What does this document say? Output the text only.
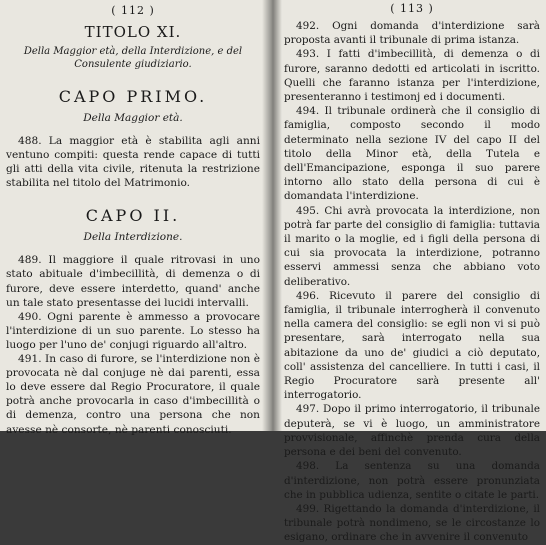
( 112 )
TITOLO XI.
Della Maggior età, della Interdizione, e del Consulente giudiziario.
CAPO PRIMO.
Della Maggior età.

488. La maggior età è stabilita agli anni ventuno compiti: questa rende capace di tutti gli atti della vita civile, ritenuta la restrizione stabilita nel titolo del Matrimonio.

CAPO II.
Della Interdizione.

489. Il maggiore il quale ritrovasi in uno stato abituale d'imbecillità, di demenza o di furore, deve essere interdetto, quand' anche un tale stato presentasse dei lucidi intervalli.

490. Ogni parente è ammesso a provocare l'interdizione di un suo parente. Lo stesso ha luogo per l'uno de' conjugi riguardo all'altro.

491. In caso di furore, se l'interdizione non è provocata nè dal conjuge nè dai parenti, essa lo deve essere dal Regio Procuratore, il quale potrà anche provocarla in caso d'imbecillità o di demenza, contro una persona che non avesse nè consorte, nè parenti conosciuti.

( 113 )

492. Ogni domanda d'interdizione sarà proposta avanti il tribunale di prima istanza.

493. I fatti d'imbecillità, di demenza o di furore, saranno dedotti ed articolati in iscritto. Quelli che faranno istanza per l'interdizione, presenteranno i testimonj ed i documenti.

494. Il tribunale ordinerà che il consiglio di famiglia, composto secondo il modo determinato nella sezione IV del capo II del titolo della Minor età, della Tutela e dell'Emancipazione, esponga il suo parere intorno allo stato della persona di cui è domandata l'interdizione.

495. Chi avrà provocata la interdizione, non potrà far parte del consiglio di famiglia: tuttavia il marito o la moglie, ed i figli della persona di cui sia provocata la interdizione, potranno esservi ammessi senza che abbiano voto deliberativo.

496. Ricevuto il parere del consiglio di famiglia, il tribunale interrogherà il convenuto nella camera del consiglio: se egli non vi si può presentare, sarà interrogato nella sua abitazione da uno de' giudici a ciò deputato, coll' assistenza del cancelliere. In tutti i casi, il Regio Procuratore sarà presente all' interrogatorio.

497. Dopo il primo interrogatorio, il tribunale deputerà, se vi è luogo, un amministratore provvisionale, affinchè prenda cura della persona e dei beni del convenuto.

498. La sentenza su una domanda d'interdizione, non potrà essere pronunziata che in pubblica udienza, sentite o citate le parti.

499. Rigettando la domanda d'interdizione, il tribunale potrà nondimeno, se le circostanze lo esigano, ordinare che in avvenire il convenuto
